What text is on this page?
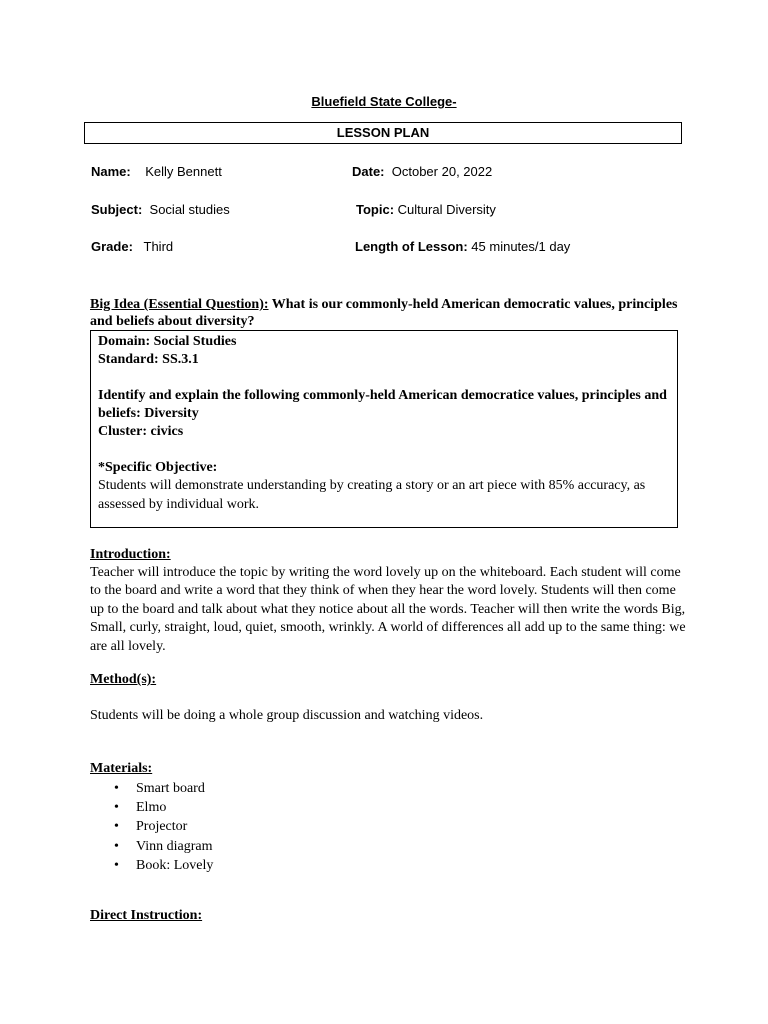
Bluefield State College-
LESSON PLAN
Name: Kelly Bennett	Date: October 20, 2022
Subject: Social studies	Topic: Cultural Diversity
Grade: Third	Length of Lesson: 45 minutes/1 day
Big Idea (Essential Question): What is our commonly-held American democratic values, principles and beliefs about diversity?
Domain: Social Studies
Standard: SS.3.1
Identify and explain the following commonly-held American democratice values, principles and beliefs: Diversity
Cluster: civics
*Specific Objective:
Students will demonstrate understanding by creating a story or an art piece with 85% accuracy, as assessed by individual work.
Introduction:
Teacher will introduce the topic by writing the word lovely up on the whiteboard. Each student will come to the board and write a word that they think of when they hear the word lovely. Students will then come up to the board and talk about what they notice about all the words. Teacher will then write the words Big, Small, curly, straight, loud, quiet, smooth, wrinkly. A world of differences all add up to the same thing: we are all lovely.
Method(s):
Students will be doing a whole group discussion and watching videos.
Materials:
• Smart board
• Elmo
• Projector
• Vinn diagram
• Book: Lovely
Direct Instruction:
